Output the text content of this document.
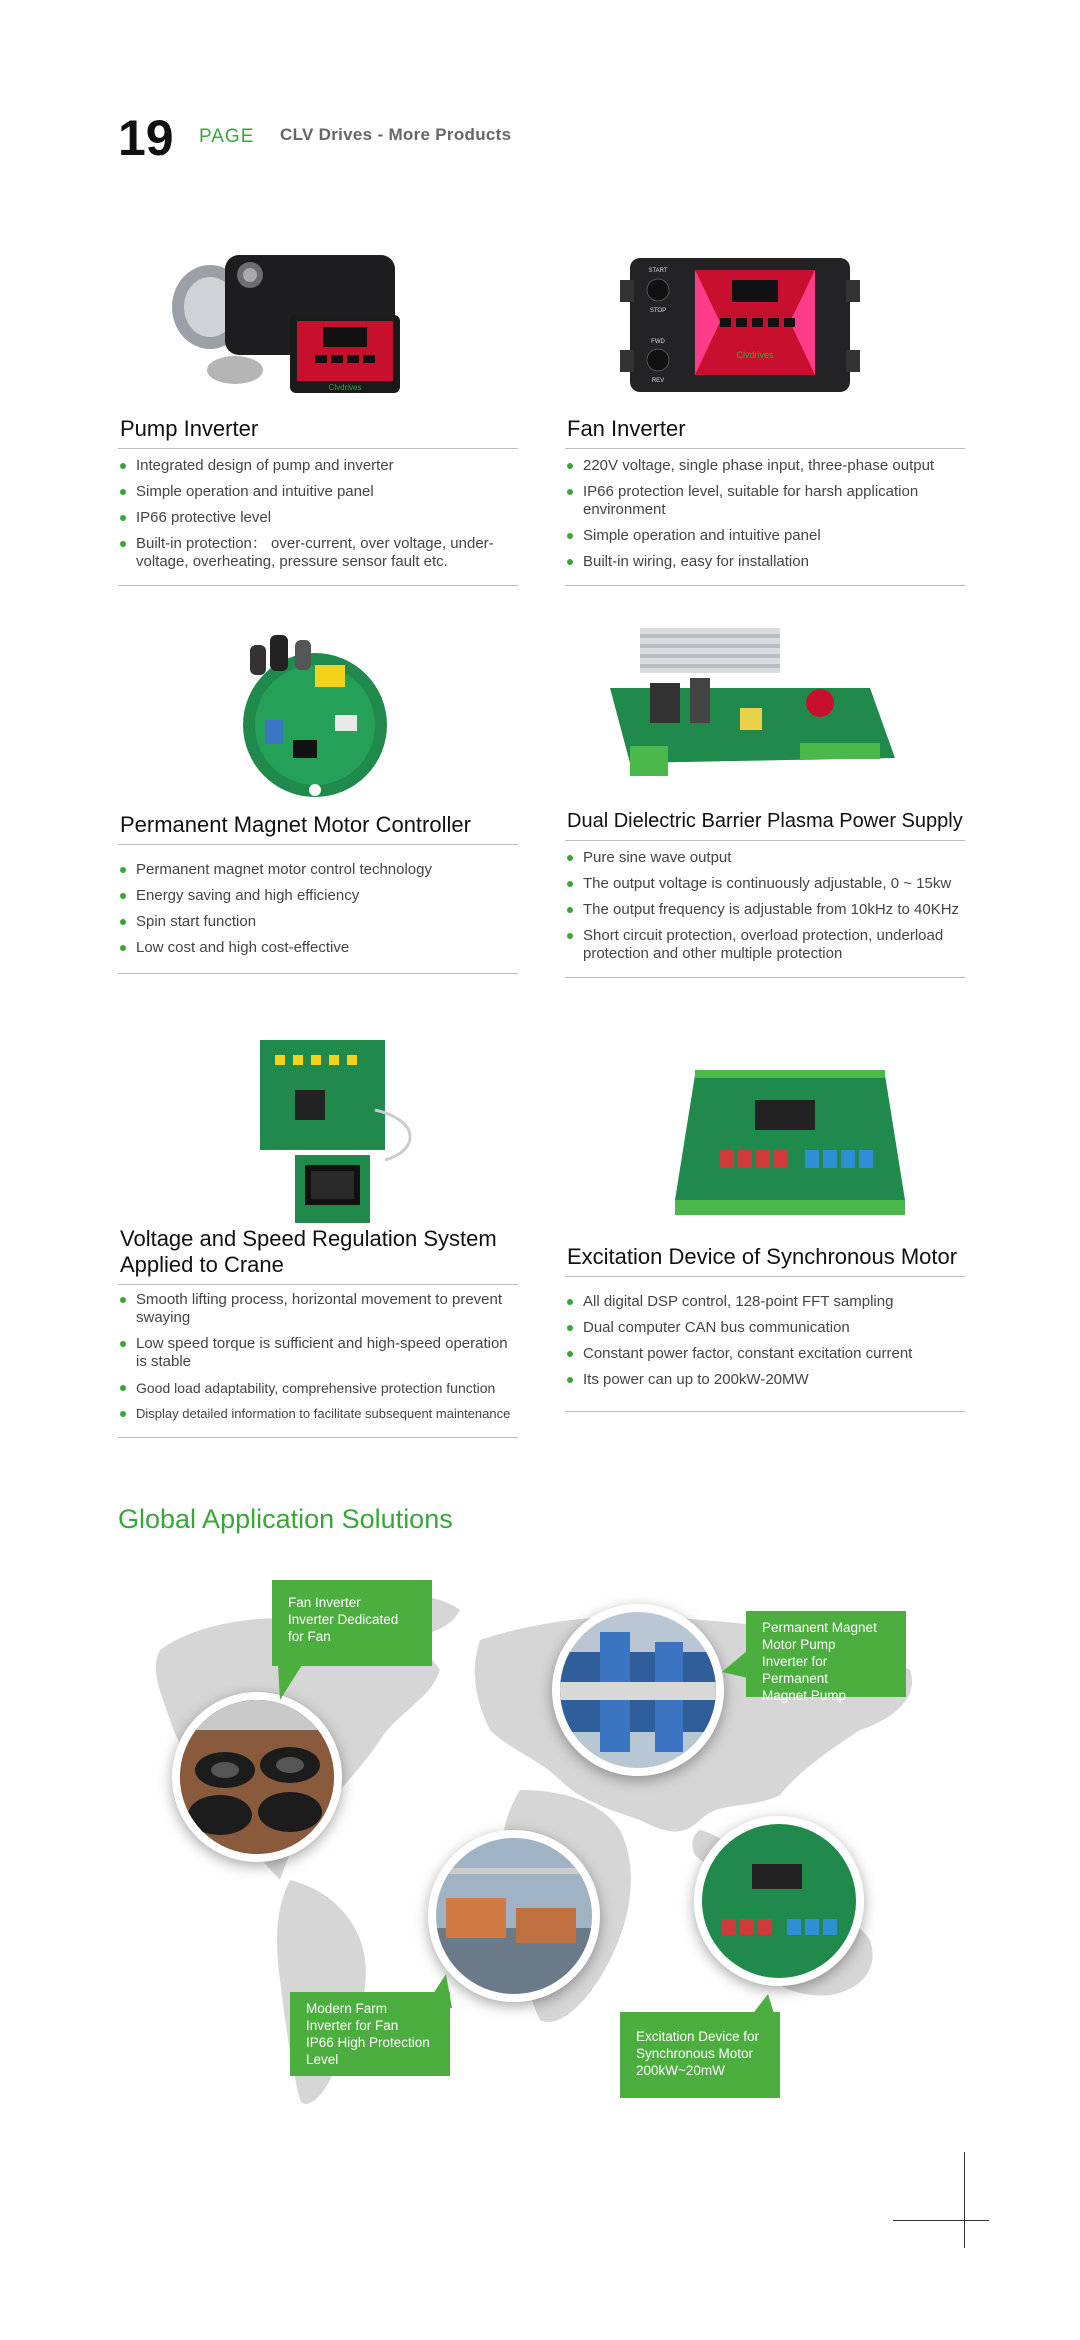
19 PAGE CLV Drives - More Products
Clvdrives
START
STOP
FWD
REV
Clvdrives
Pump Inverter
Integrated design of pump and inverter
Simple operation and intuitive panel
IP66 protective level
Built-in protection： over-current, over voltage, under-voltage, overheating, pressure sensor fault etc.
Fan Inverter
220V voltage, single phase input, three-phase output
IP66 protection level, suitable for harsh application environment
Simple operation and intuitive panel
Built-in wiring, easy for installation
Permanent Magnet Motor Controller
Permanent magnet motor control technology
Energy saving and high efficiency
Spin start function
Low cost and high cost-effective
Dual Dielectric Barrier Plasma Power Supply
Pure sine wave output
The output voltage is continuously adjustable, 0 ~ 15kw
The output frequency is adjustable from 10kHz to 40KHz
Short circuit protection, overload protection, underload protection and other multiple protection
Voltage and Speed Regulation System Applied to Crane
Smooth lifting process, horizontal movement to prevent swaying
Low speed torque is sufficient and high-speed operation is stable
Good load adaptability, comprehensive protection function
Display detailed information to facilitate subsequent maintenance
Excitation Device of Synchronous Motor
All digital DSP control, 128-point FFT sampling
Dual computer CAN bus communication
Constant power factor, constant excitation current
Its power can up to 200kW-20MW
Global Application Solutions
Fan Inverter
Inverter Dedicated
for Fan
Permanent Magnet
Motor Pump
Inverter for Permanent
Magnet Pump
Modern Farm
Inverter for Fan
IP66 High Protection
Level
Excitation Device for
Synchronous Motor
200kW~20mW
